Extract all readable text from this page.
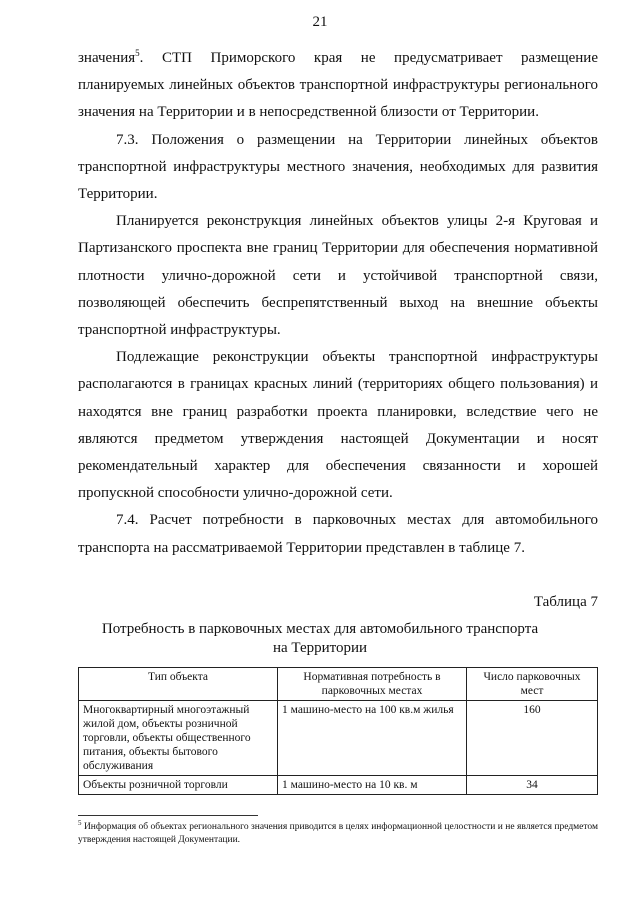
21

значения$^5$. СТП Приморского края не предусматривает размещение планируемых линейных объектов транспортной инфраструктуры регионального значения на Территории и в непосредственной близости от Территории.

7.3. Положения о размещении на Территории линейных объектов транспортной инфраструктуры местного значения, необходимых для развития Территории.

Планируется реконструкция линейных объектов улицы 2-я Круговая и Партизанского проспекта вне границ Территории для обеспечения нормативной плотности улично-дорожной сети и устойчивой транспортной связи, позволяющей обеспечить беспрепятственный выход на внешние объекты транспортной инфраструктуры.

Подлежащие реконструкции объекты транспортной инфраструктуры располагаются в границах красных линий (территориях общего пользования) и находятся вне границ разработки проекта планировки, вследствие чего не являются предметом утверждения настоящей Документации и носят рекомендательный характер для обеспечения связанности и хорошей пропускной способности улично-дорожной сети.

7.4. Расчет потребности в парковочных местах для автомобильного транспорта на рассматриваемой Территории представлен в таблице 7.

Таблица 7
Потребность в парковочных местах для автомобильного транспорта
на Территории
Тип объекта	Нормативная потребность в парковочных местах	Число парковочных мест
Многоквартирный многоэтажный жилой дом, объекты розничной торговли, объекты общественного питания, объекты бытового обслуживания	1 машино-место на 100 кв.м жилья	160
Объекты розничной торговли	1 машино-место на 10 кв. м	34
$^5$ Информация об объектах регионального значения приводится в целях информационной целостности и не является предметом утверждения настоящей Документации.
